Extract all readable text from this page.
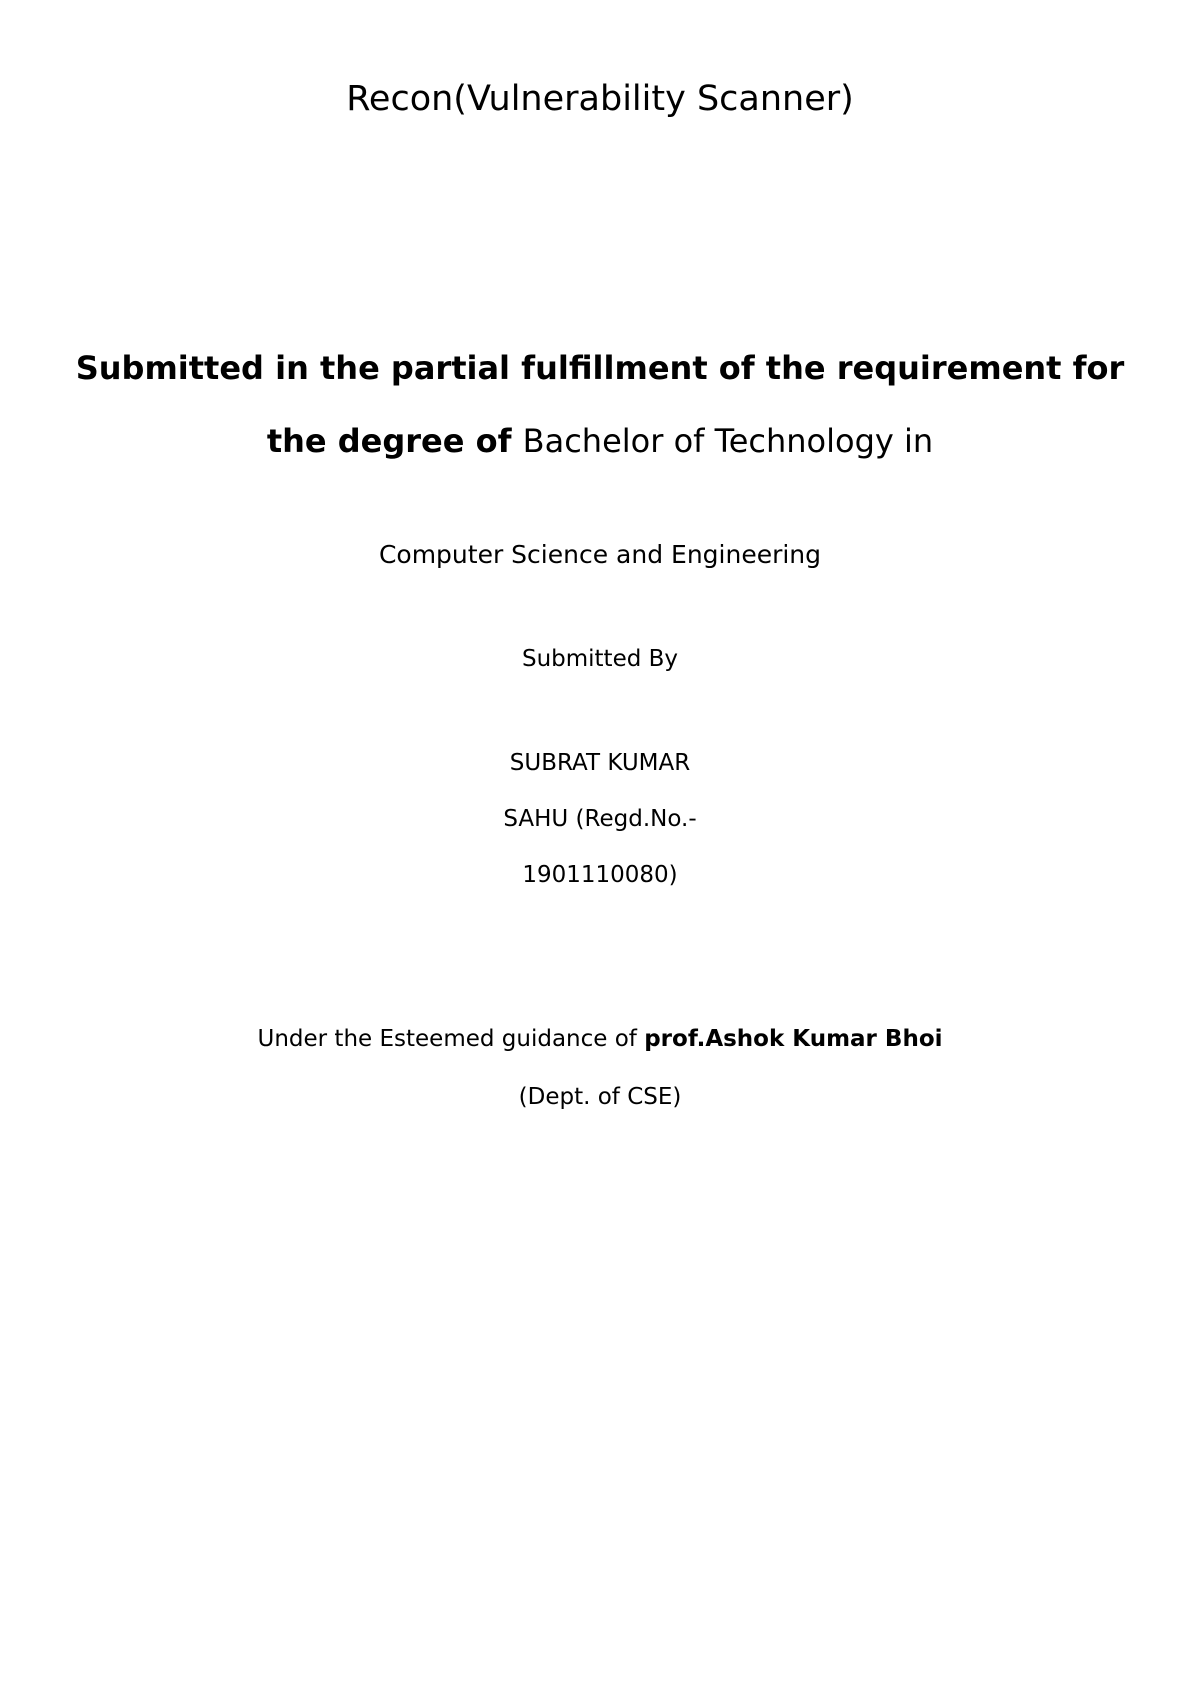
Recon(Vulnerability Scanner)
Submitted in the partial fulfillment of the requirement for
the degree of Bachelor of Technology in
Computer Science and Engineering
Submitted By
SUBRAT KUMAR
SAHU (Regd.No.-
1901110080)
Under the Esteemed guidance of prof.Ashok Kumar Bhoi
(Dept. of CSE)
